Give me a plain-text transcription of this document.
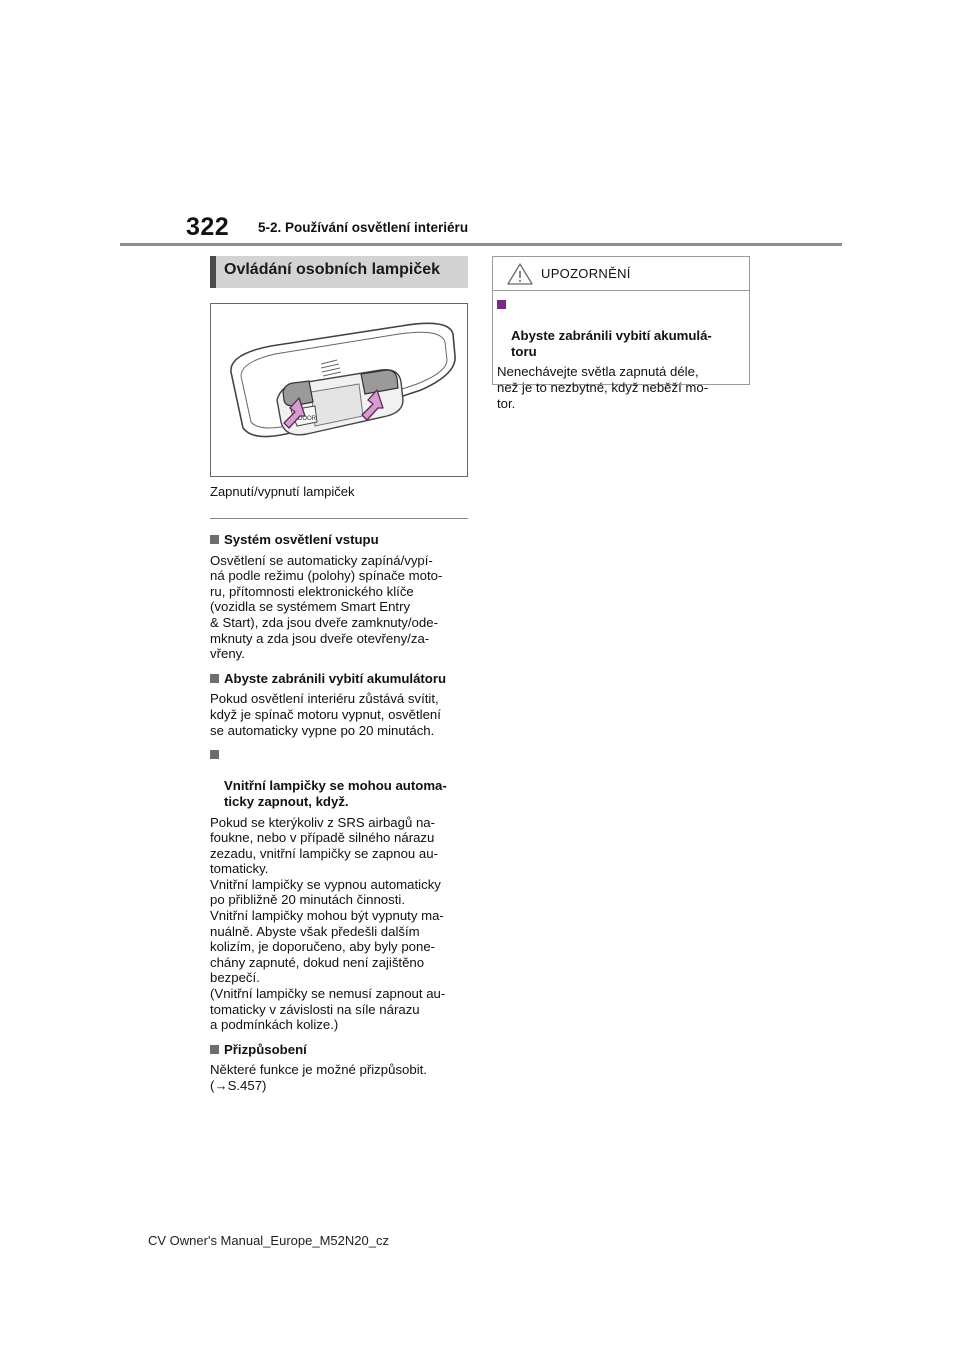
322 5-2. Používání osvětlení interiéru
Ovládání osobních lampiček
DOOR
Zapnutí/vypnutí lampiček
Systém osvětlení vstupu
Osvětlení se automaticky zapíná/vypí-
ná podle režimu (polohy) spínače moto-
ru, přítomnosti elektronického klíče
(vozidla se systémem Smart Entry
& Start), zda jsou dveře zamknuty/ode-
mknuty a zda jsou dveře otevřeny/za-
vřeny.
Abyste zabránili vybití akumulátoru
Pokud osvětlení interiéru zůstává svítit,
když je spínač motoru vypnut, osvětlení
se automaticky vypne po 20 minutách.

Vnitřní lampičky se mohou automa-
ticky zapnout, když.

Pokud se kterýkoliv z SRS airbagů na-
foukne, nebo v případě silného nárazu
zezadu, vnitřní lampičky se zapnou au-
tomaticky.
Vnitřní lampičky se vypnou automaticky
po přibližně 20 minutách činnosti.
Vnitřní lampičky mohou být vypnuty ma-
nuálně. Abyste však předešli dalším
kolizím, je doporučeno, aby byly pone-
chány zapnuté, dokud není zajištěno
bezpečí.
(Vnitřní lampičky se nemusí zapnout au-
tomaticky v závislosti na síle nárazu
a podmínkách kolize.)
Přizpůsobení
Některé funkce je možné přizpůsobit.
(→S.457)
UPOZORNĚNÍ

Abyste zabránili vybití akumulá-
toru

Nenechávejte světla zapnutá déle,
než je to nezbytné, když neběží mo-
tor.
CV Owner's Manual_Europe_M52N20_cz
